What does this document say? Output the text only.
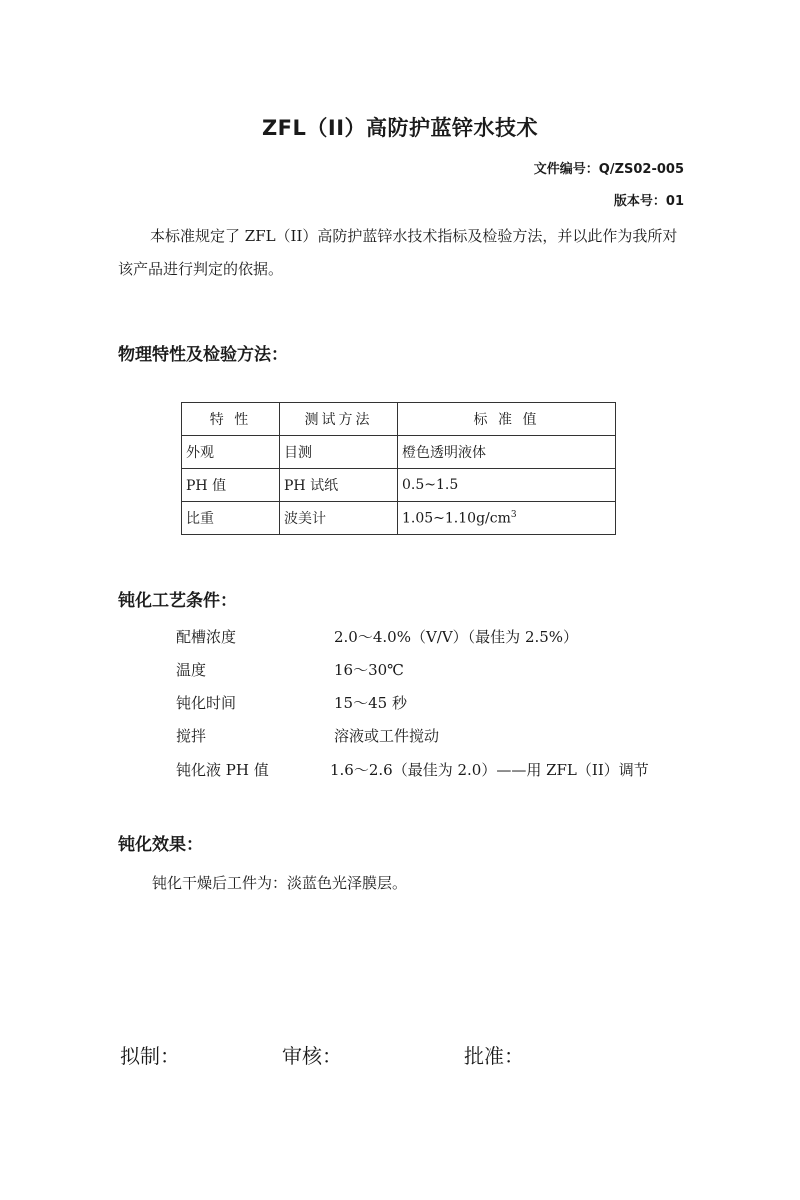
ZFL（II）高防护蓝锌水技术
文件编号：Q/ZS02-005
版本号：01
本标准规定了 ZFL（II）高防护蓝锌水技术指标及检验方法，并以此作为我所对该产品进行判定的依据。
物理特性及检验方法：
特 性	测试方法	标 准 值
外观	目测	橙色透明液体
PH 值	PH 试纸	0.5~1.5
比重	波美计	$1.05\sim 1.10g/cm^3$
钝化工艺条件：
配槽浓度	2.0～4.0%（V/V）（最佳为 2.5%）
温度	16～30℃
钝化时间	15～45 秒
搅拌	溶液或工件搅动
钝化液 PH 值	1.6～2.6（最佳为 2.0）——用 ZFL（II）调节
钝化效果：
钝化干燥后工件为：淡蓝色光泽膜层。
拟制：	审核：	批准：
